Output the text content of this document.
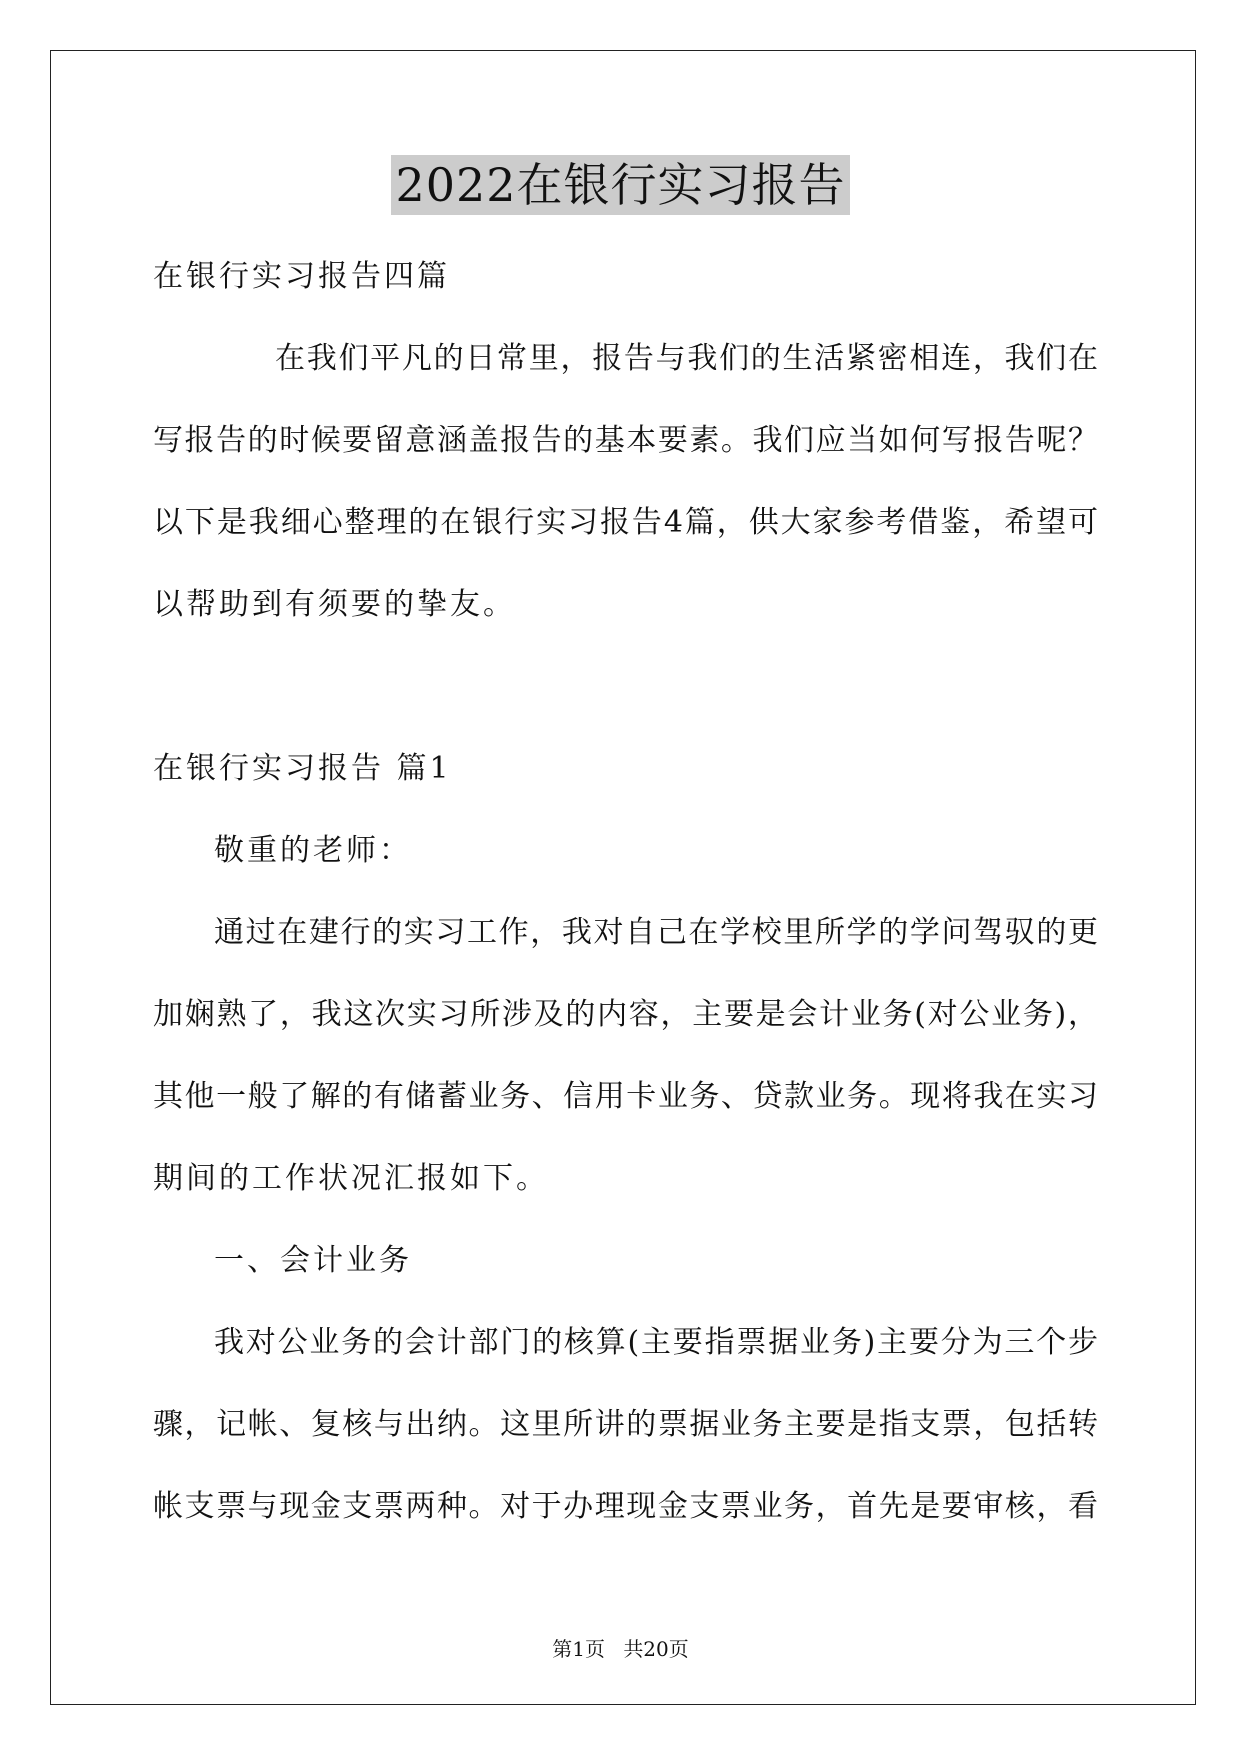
2022在银行实习报告
在银行实习报告四篇
在我们平凡的日常里，报告与我们的生活紧密相连，我们在
写报告的时候要留意涵盖报告的基本要素。我们应当如何写报告呢？
以下是我细心整理的在银行实习报告4篇，供大家参考借鉴，希望可
以帮助到有须要的挚友。
在银行实习报告 篇1
敬重的老师：
通过在建行的实习工作，我对自己在学校里所学的学问驾驭的更
加娴熟了，我这次实习所涉及的内容，主要是会计业务(对公业务)，
其他一般了解的有储蓄业务、信用卡业务、贷款业务。现将我在实习
期间的工作状况汇报如下。
一、会计业务
我对公业务的会计部门的核算(主要指票据业务)主要分为三个步
骤，记帐、复核与出纳。这里所讲的票据业务主要是指支票，包括转
帐支票与现金支票两种。对于办理现金支票业务，首先是要审核，看
第1页 共20页
